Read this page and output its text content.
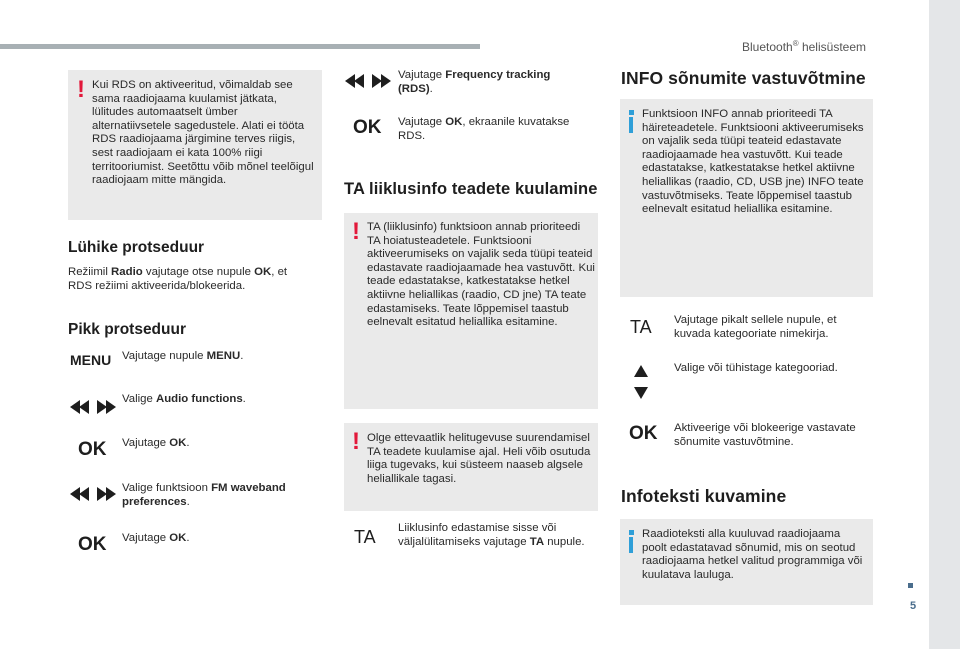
Bluetooth® helisüsteem
5
! Kui RDS on aktiveeritud, võimaldab see sama raadiojaama kuulamist jätkata, lülitudes automaatselt ümber alternatiivsetele sagedustele. Alati ei tööta RDS raadiojaama järgimine terves riigis, sest raadiojaam ei kata 100% riigi territooriumist. Seetõttu võib mõnel teelõigul raadiojaam mitte mängida.
Lühike protseduur
Režiimil Radio vajutage otse nupule OK, et RDS režiimi aktiveerida/blokeerida.
Pikk protseduur
MENU Vajutage nupule MENU.
Valige Audio functions.
OK Vajutage OK.
Valige funktsioon FM waveband preferences.
OK Vajutage OK.
Vajutage Frequency tracking (RDS).
OK Vajutage OK, ekraanile kuvatakse RDS.
TA liiklusinfo teadete kuulamine
! TA (liiklusinfo) funktsioon annab prioriteedi TA hoiatusteadetele. Funktsiooni aktiveerumiseks on vajalik seda tüüpi teateid edastavate raadiojaamade hea vastuvõtt. Kui teade edastatakse, katkestatakse hetkel aktiivne heliallikas (raadio, CD jne) TA teate edastamiseks. Teate lõppemisel taastub eelnevalt esitatud heliallika esitamine.
! Olge ettevaatlik helitugevuse suurendamisel TA teadete kuulamise ajal. Heli võib osutuda liiga tugevaks, kui süsteem naaseb algsele heliallikale tagasi.
TA Liiklusinfo edastamise sisse või väljalülitamiseks vajutage TA nupule.
INFO sõnumite vastuvõtmine
Funktsioon INFO annab prioriteedi TA häireteadetele. Funktsiooni aktiveerumiseks on vajalik seda tüüpi teateid edastavate raadiojaamade hea vastuvõtt. Kui teade edastatakse, katkestatakse hetkel aktiivne heliallikas (raadio, CD, USB jne) INFO teate vastuvõtmiseks. Teate lõppemisel taastub eelnevalt esitatud heliallika esitamine.
TA Vajutage pikalt sellele nupule, et kuvada kategooriate nimekirja.
Valige või tühistage kategooriad.
OK Aktiveerige või blokeerige vastavate sõnumite vastuvõtmine.
Infoteksti kuvamine
Raadioteksti alla kuuluvad raadiojaama poolt edastatavad sõnumid, mis on seotud raadiojaama hetkel valitud programmiga või kuulatava lauluga.
